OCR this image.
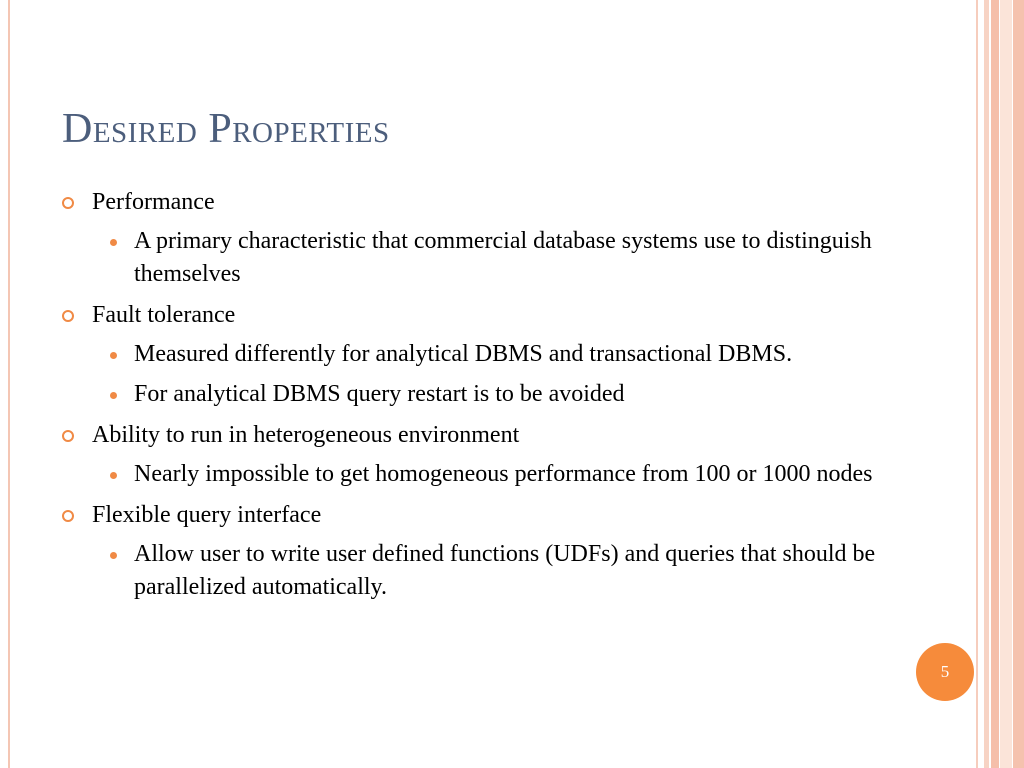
Desired Properties
Performance
A primary characteristic that commercial database systems use to distinguish themselves
Fault tolerance
Measured differently for analytical DBMS and transactional DBMS.
For analytical DBMS query restart is to be avoided
Ability to run in heterogeneous environment
Nearly impossible to get homogeneous performance from 100 or 1000 nodes
Flexible query interface
Allow user to write user defined functions (UDFs) and queries that should be parallelized automatically.
5
